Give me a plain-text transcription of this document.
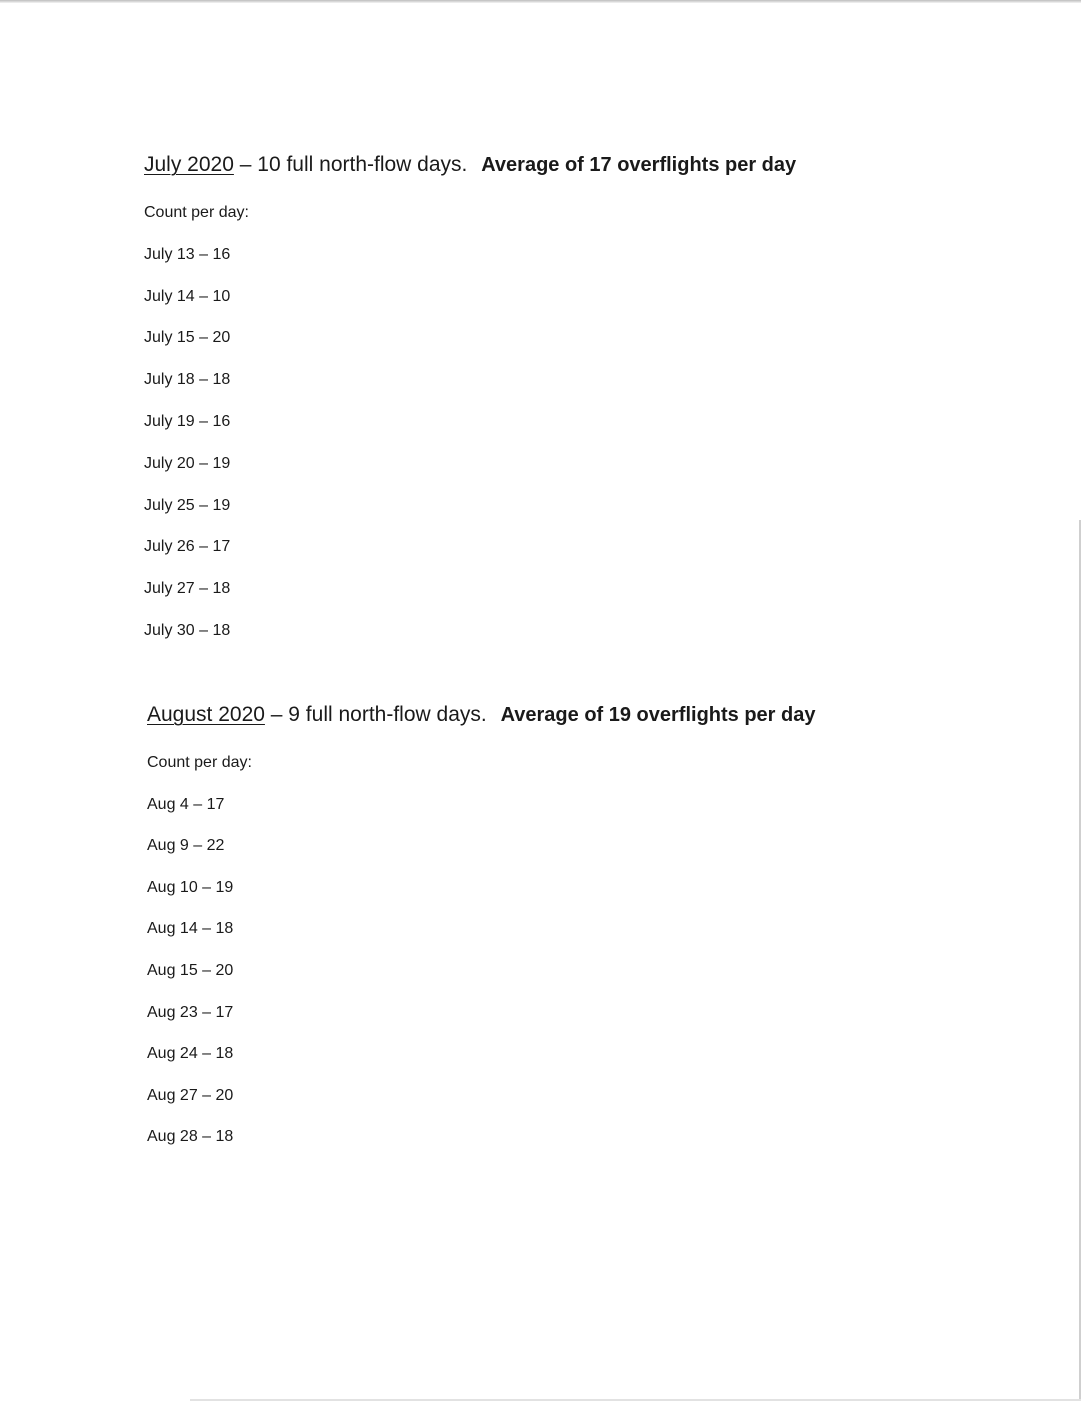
July 2020 – 10 full north-flow days. Average of 17 overflights per day

Count per day:
July 13 – 16
July 14 – 10
July 15 – 20
July 18 – 18
July 19 – 16
July 20 – 19
July 25 – 19
July 26 – 17
July 27 – 18
July 30 – 18

August 2020 – 9 full north-flow days. Average of 19 overflights per day

Count per day:
Aug 4 – 17
Aug 9 – 22
Aug 10 – 19
Aug 14 – 18
Aug 15 – 20
Aug 23 – 17
Aug 24 – 18
Aug 27 – 20
Aug 28 – 18
